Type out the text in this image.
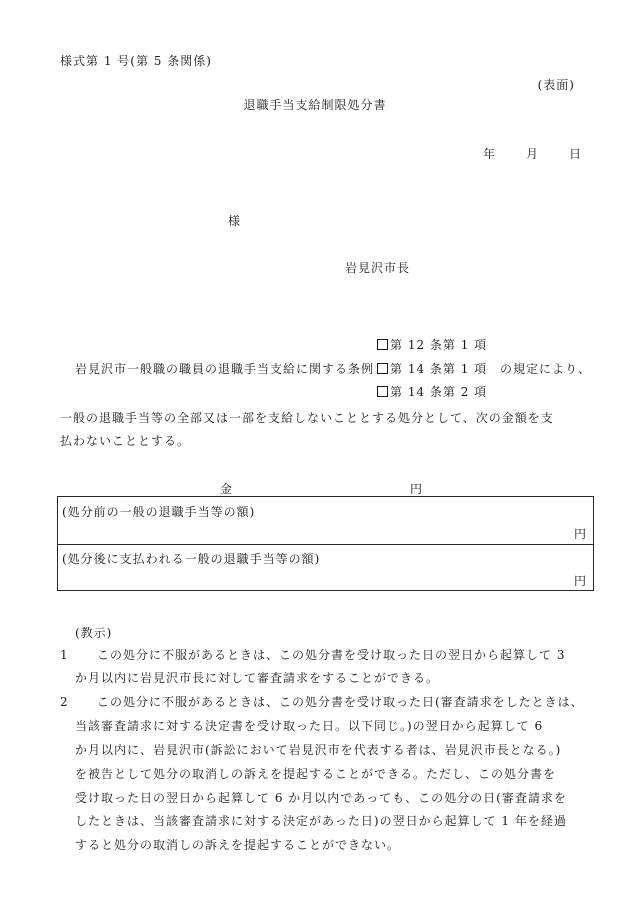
様式第 1 号(第 5 条関係)
(表面)
退職手当支給制限処分書
年	月	日
様
岩見沢市長
第 12 条第 1 項
岩見沢市一般職の職員の退職手当支給に関する条例	第 14 条第 1 項 の規定により、
第 14 条第 2 項
一般の退職手当等の全部又は一部を支給しないこととする処分として、次の金額を支
払わないこととする。
金	円
(処分前の一般の退職手当等の額)
円
(処分後に支払われる一般の退職手当等の額)
円
(教示)
1 この処分に不服があるときは、この処分書を受け取った日の翌日から起算して 3
か月以内に岩見沢市長に対して審査請求をすることができる。
2 この処分に不服があるときは、この処分書を受け取った日(審査請求をしたときは、
当該審査請求に対する決定書を受け取った日。以下同じ。)の翌日から起算して 6
か月以内に、岩見沢市(訴訟において岩見沢市を代表する者は、岩見沢市長となる。)
を被告として処分の取消しの訴えを提起することができる。ただし、この処分書を
受け取った日の翌日から起算して 6 か月以内であっても、この処分の日(審査請求を
したときは、当該審査請求に対する決定があった日)の翌日から起算して 1 年を経過
すると処分の取消しの訴えを提起することができない。
